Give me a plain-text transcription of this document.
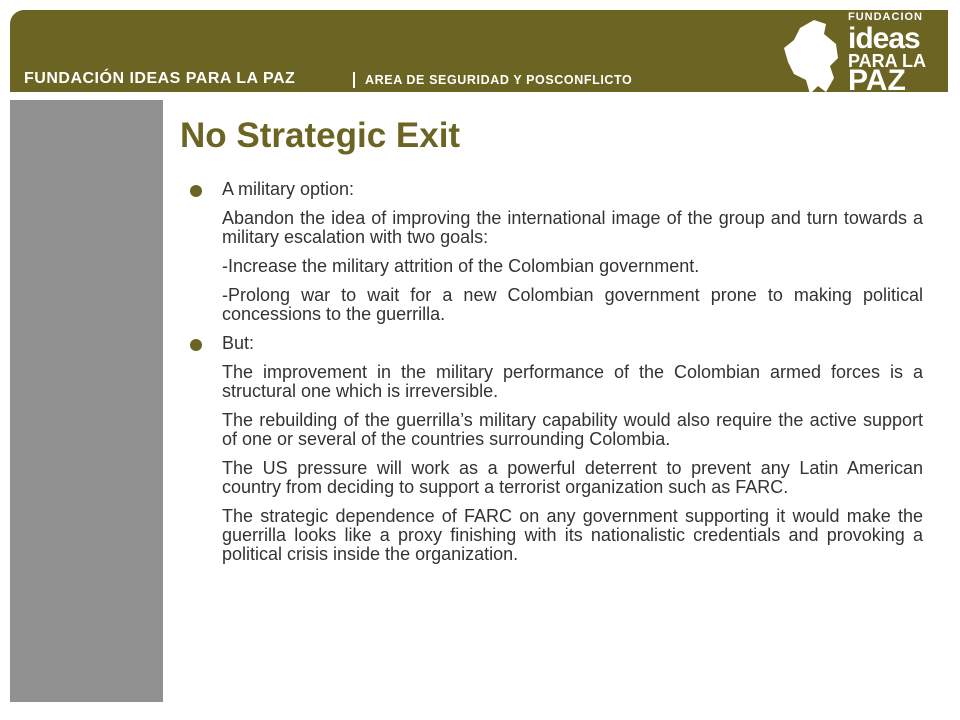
FUNDACIÓN IDEAS PARA LA PAZ	AREA DE SEGURIDAD Y POSCONFLICTO
FUNDACION
ideas
PARA LA
PAZ
No Strategic Exit
A military option:
Abandon the idea of improving the international image of the group and turn towards a military escalation with two goals:
-Increase the military attrition of the Colombian government.
-Prolong war to wait for a new Colombian government prone to making political concessions to the guerrilla.
But:
The improvement in the military performance of the Colombian armed forces is a structural one which is irreversible.
The rebuilding of the guerrilla’s military capability would also require the active support of one or several of the countries surrounding Colombia.
The US pressure will work as a powerful deterrent to prevent any Latin American country from deciding to support a terrorist organization such as FARC.
The strategic dependence of FARC on any government supporting it would make the guerrilla looks like a proxy finishing with its nationalistic credentials and provoking a political crisis inside the organization.
